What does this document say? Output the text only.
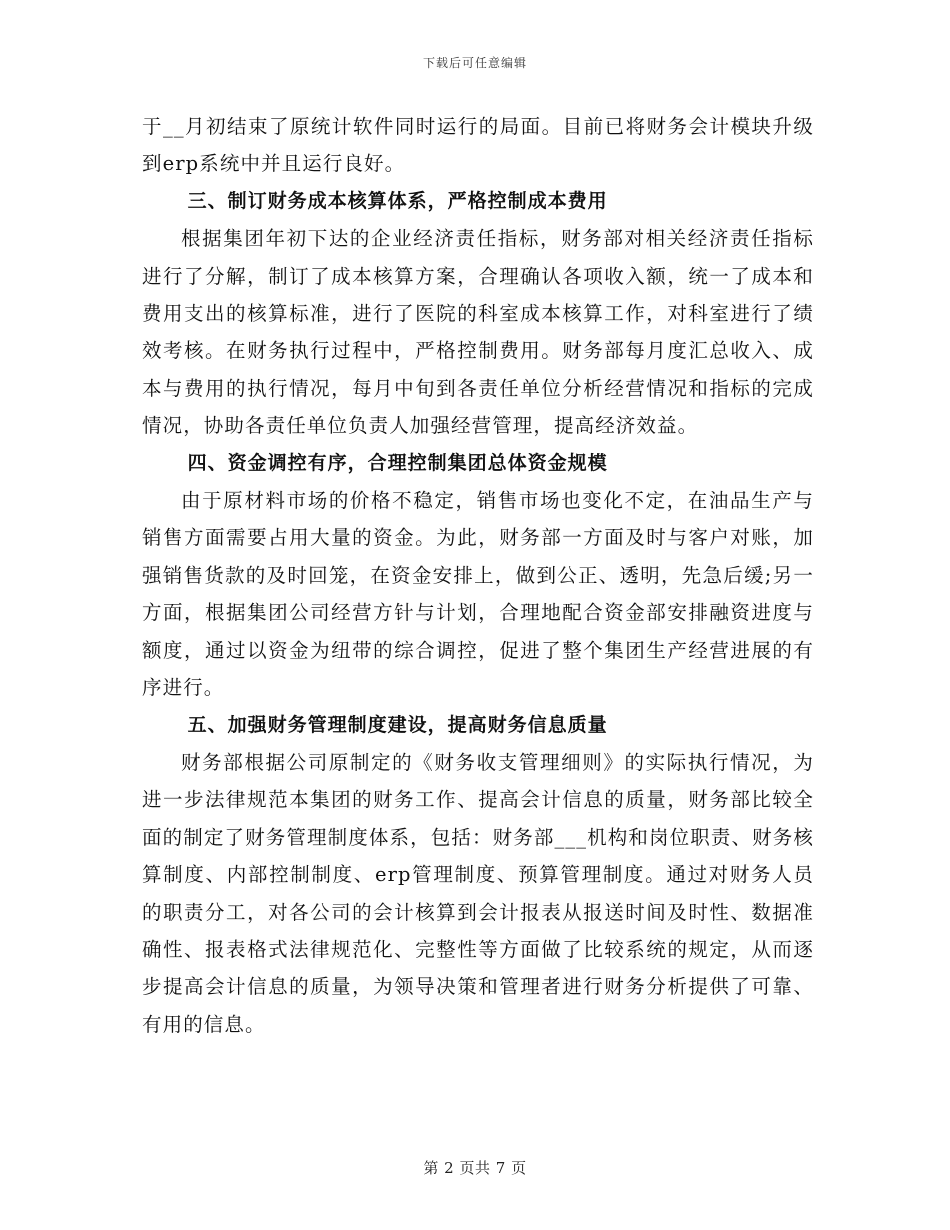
下载后可任意编辑

于__月初结束了原统计软件同时运行的局面。目前已将财务会计模块升级到erp系统中并且运行良好。

三、制订财务成本核算体系，严格控制成本费用

根据集团年初下达的企业经济责任指标，财务部对相关经济责任指标进行了分解，制订了成本核算方案，合理确认各项收入额，统一了成本和费用支出的核算标准，进行了医院的科室成本核算工作，对科室进行了绩效考核。在财务执行过程中，严格控制费用。财务部每月度汇总收入、成本与费用的执行情况，每月中旬到各责任单位分析经营情况和指标的完成情况，协助各责任单位负责人加强经营管理，提高经济效益。

四、资金调控有序，合理控制集团总体资金规模

由于原材料市场的价格不稳定，销售市场也变化不定，在油品生产与销售方面需要占用大量的资金。为此，财务部一方面及时与客户对账，加强销售货款的及时回笼，在资金安排上，做到公正、透明，先急后缓;另一方面，根据集团公司经营方针与计划，合理地配合资金部安排融资进度与额度，通过以资金为纽带的综合调控，促进了整个集团生产经营进展的有序进行。

五、加强财务管理制度建设，提高财务信息质量

财务部根据公司原制定的《财务收支管理细则》的实际执行情况，为进一步法律规范本集团的财务工作、提高会计信息的质量，财务部比较全面的制定了财务管理制度体系，包括：财务部___机构和岗位职责、财务核算制度、内部控制制度、erp管理制度、预算管理制度。通过对财务人员的职责分工，对各公司的会计核算到会计报表从报送时间及时性、数据准确性、报表格式法律规范化、完整性等方面做了比较系统的规定，从而逐步提高会计信息的质量，为领导决策和管理者进行财务分析提供了可靠、有用的信息。

第 2 页共 7 页
